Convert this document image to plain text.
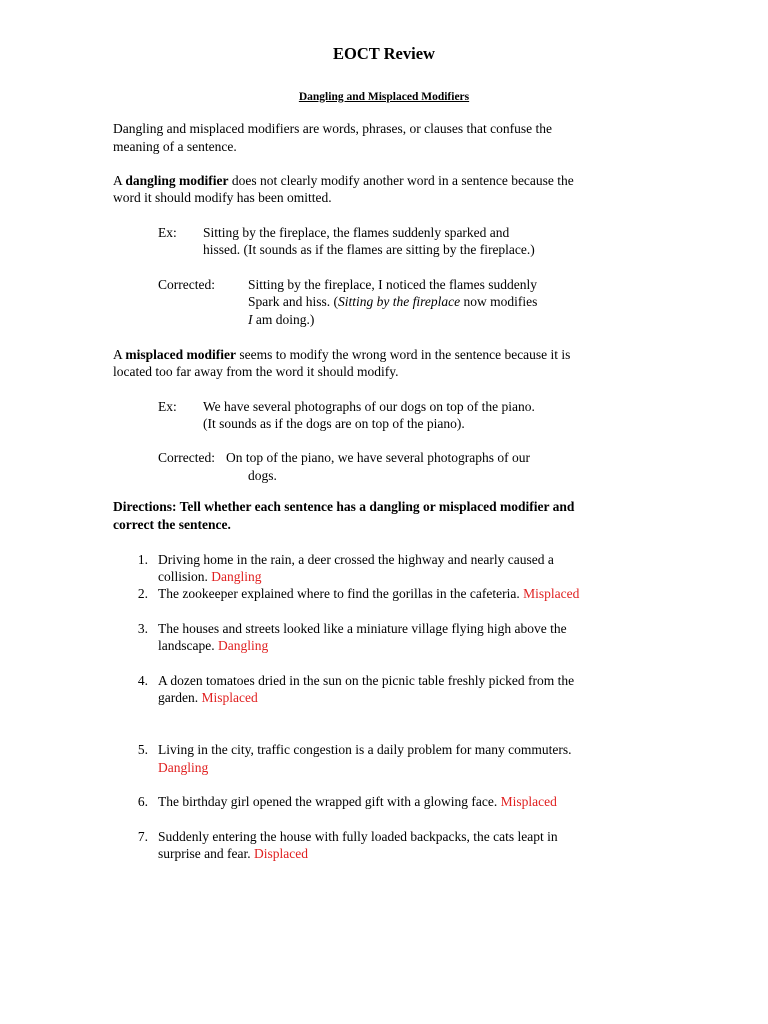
EOCT Review
Dangling and Misplaced Modifiers
Dangling and misplaced modifiers are words, phrases, or clauses that confuse the
meaning of a sentence.
A dangling modifier does not clearly modify another word in a sentence because the
word it should modify has been omitted.
Ex: Sitting by the fireplace, the flames suddenly sparked and
hissed. (It sounds as if the flames are sitting by the fireplace.)
Corrected: Sitting by the fireplace, I noticed the flames suddenly
Spark and hiss. (Sitting by the fireplace now modifies
I am doing.)
A misplaced modifier seems to modify the wrong word in the sentence because it is
located too far away from the word it should modify.
Ex: We have several photographs of our dogs on top of the piano.
(It sounds as if the dogs are on top of the piano).
Corrected: On top of the piano, we have several photographs of our
dogs.
Directions: Tell whether each sentence has a dangling or misplaced modifier and
correct the sentence.
1. Driving home in the rain, a deer crossed the highway and nearly caused a
collision. Dangling
2. The zookeeper explained where to find the gorillas in the cafeteria. Misplaced
3. The houses and streets looked like a miniature village flying high above the
landscape. Dangling
4. A dozen tomatoes dried in the sun on the picnic table freshly picked from the
garden. Misplaced
5. Living in the city, traffic congestion is a daily problem for many commuters.
Dangling
6. The birthday girl opened the wrapped gift with a glowing face. Misplaced
7. Suddenly entering the house with fully loaded backpacks, the cats leapt in
surprise and fear. Displaced
